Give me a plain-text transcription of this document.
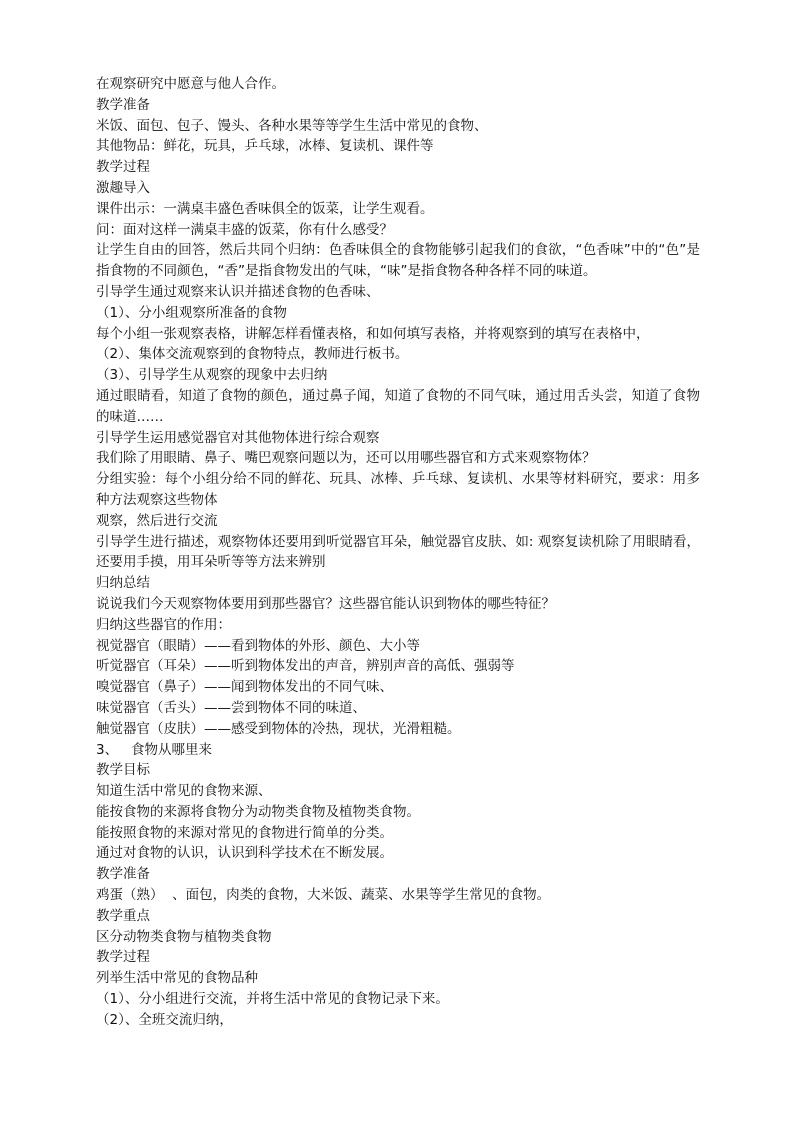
在观察研究中愿意与他人合作。
教学准备
米饭、面包、包子、馒头、各种水果等等学生生活中常见的食物、
其他物品：鲜花，玩具，乒乓球，冰棒、复读机、课件等
教学过程
激趣导入
课件出示：一满桌丰盛色香味俱全的饭菜，让学生观看。
问：面对这样一满桌丰盛的饭菜，你有什么感受？
让学生自由的回答，然后共同个归纳：色香味俱全的食物能够引起我们的食欲，“色香味”中的“色”是指食物的不同颜色，“香”是指食物发出的气味，“味”是指食物各种各样不同的味道。
引导学生通过观察来认识并描述食物的色香味、
（1）、分小组观察所准备的食物
每个小组一张观察表格，讲解怎样看懂表格，和如何填写表格，并将观察到的填写在表格中，
（2）、集体交流观察到的食物特点，教师进行板书。
（3）、引导学生从观察的现象中去归纳
通过眼睛看，知道了食物的颜色，通过鼻子闻，知道了食物的不同气味，通过用舌头尝，知道了食物的味道……
引导学生运用感觉器官对其他物体进行综合观察
我们除了用眼睛、鼻子、嘴巴观察问题以为，还可以用哪些器官和方式来观察物体？
分组实验：每个小组分给不同的鲜花、玩具、冰棒、乒乓球、复读机、水果等材料研究，要求：用多种方法观察这些物体
观察，然后进行交流
引导学生进行描述，观察物体还要用到听觉器官耳朵，触觉器官皮肤、如: 观察复读机除了用眼睛看，还要用手摸，用耳朵听等等方法来辨别
归纳总结
说说我们今天观察物体要用到那些器官？这些器官能认识到物体的哪些特征？
归纳这些器官的作用：
视觉器官（眼睛）——看到物体的外形、颜色、大小等
听觉器官（耳朵）——听到物体发出的声音，辨别声音的高低、强弱等
嗅觉器官（鼻子）——闻到物体发出的不同气味、
味觉器官（舌头）——尝到物体不同的味道、
触觉器官（皮肤）——感受到物体的冷热，现状，光滑粗糙。
3、   食物从哪里来
教学目标
知道生活中常见的食物来源、
能按食物的来源将食物分为动物类食物及植物类食物。
能按照食物的来源对常见的食物进行简单的分类。
通过对食物的认识，认识到科学技术在不断发展。
教学准备
鸡蛋（熟）  、面包，肉类的食物，大米饭、蔬菜、水果等学生常见的食物。
教学重点
区分动物类食物与植物类食物
教学过程
列举生活中常见的食物品种
（1）、分小组进行交流，并将生活中常见的食物记录下来。
（2）、全班交流归纳，
